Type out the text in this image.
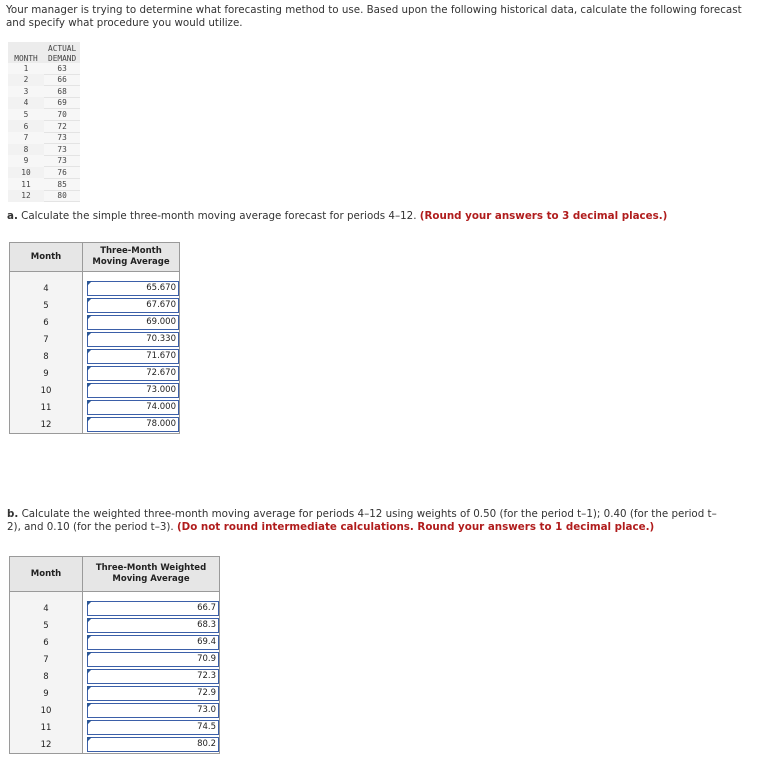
Your manager is trying to determine what forecasting method to use. Based upon the following historical data, calculate the following forecast and specify what procedure you would utilize.
MONTH	ACTUAL
DEMAND
1	63
2	66
3	68
4	69
5	70
6	72
7	73
8	73
9	73
10	76
11	85
12	80
a. Calculate the simple three-month moving average forecast for periods 4–12. (Round your answers to 3 decimal places.)
Month	Three-Month
Moving Average

4	65.670

5	67.670

6	69.000

7	70.330

8	71.670

9	72.670

10	73.000

11	74.000

12	78.000
b. Calculate the weighted three-month moving average for periods 4–12 using weights of 0.50 (for the period t–1); 0.40 (for the period t–2), and 0.10 (for the period t–3). (Do not round intermediate calculations. Round your answers to 1 decimal place.)
Month	Three-Month Weighted
Moving Average

4	66.7

5	68.3

6	69.4

7	70.9

8	72.3

9	72.9

10	73.0

11	74.5

12	80.2
